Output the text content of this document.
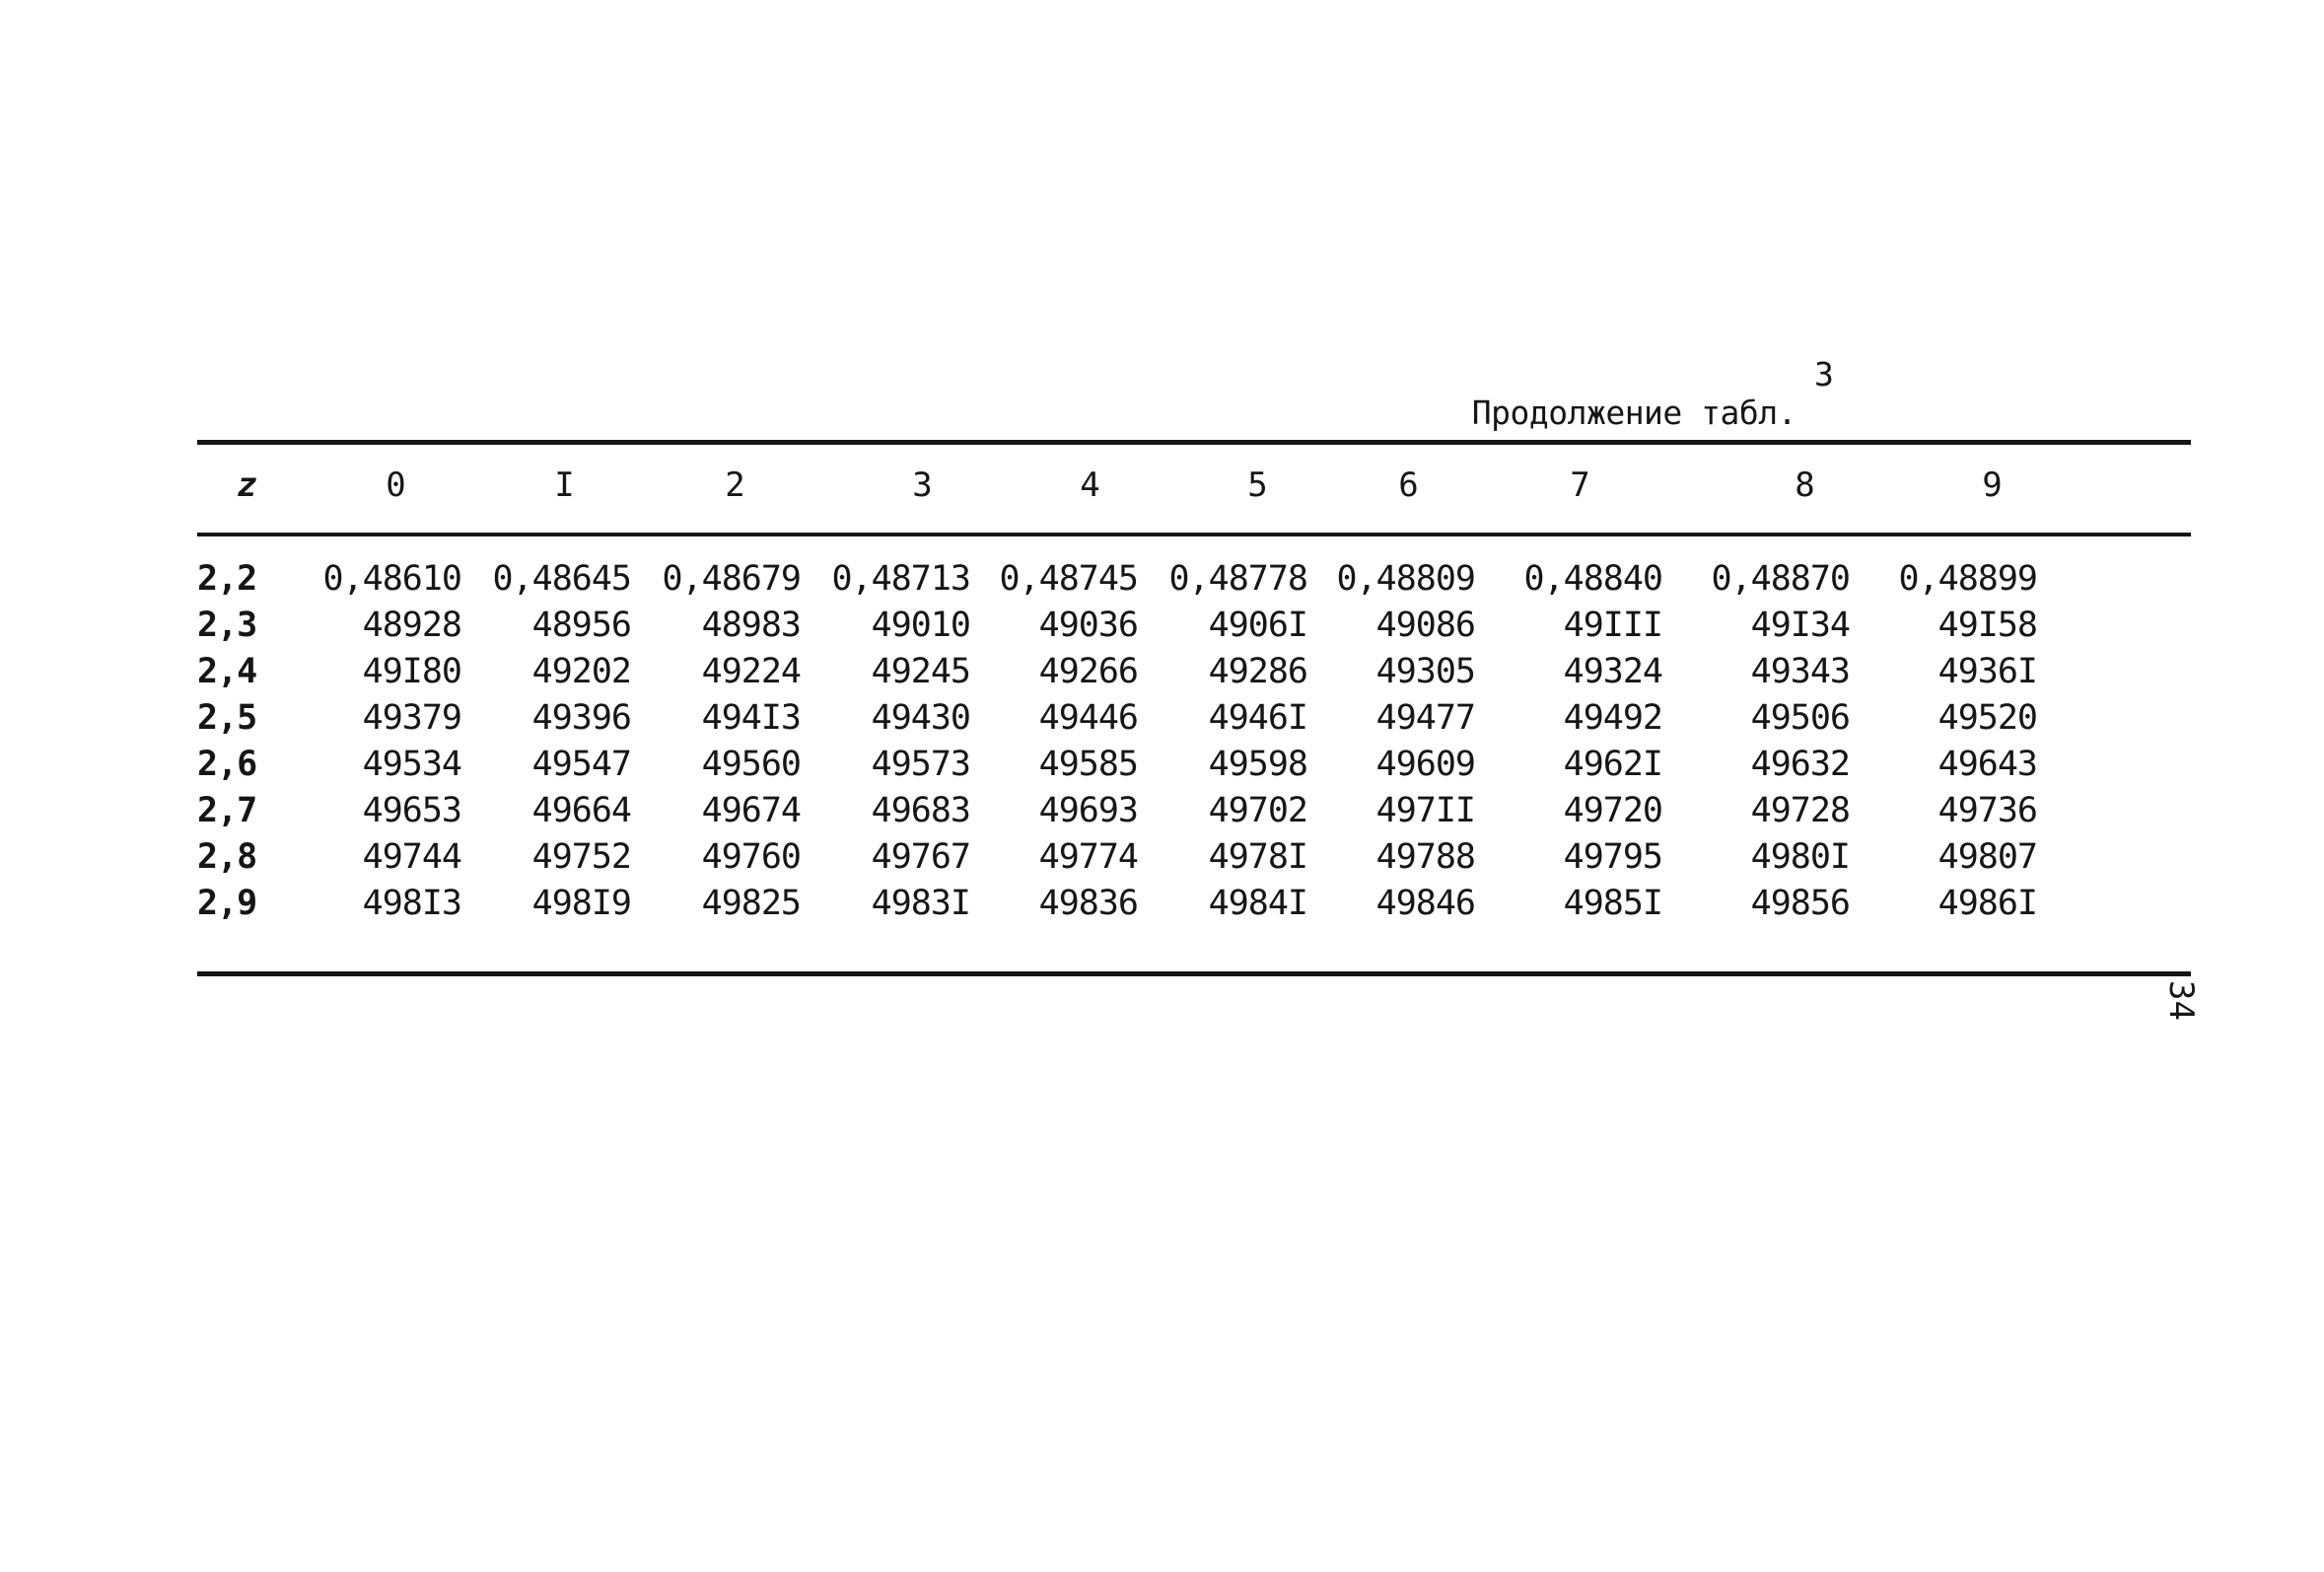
Продолжение табл.

3

z	0	I	2	3	4	5	6	7	8	9
2,2 0,48610 0,48645 0,48679 0,48713 0,48745 0,48778 0,48809 0,48840 0,48870 0,48899
2,3	48928 48956 48983 49010 49036 4906I 49086	49III	49I34	49I58
2,4	49I80 49202 49224 49245 49266 49286 49305	49324	49343	4936I
2,5	49379 49396 494I3 49430 49446 4946I 49477	49492	49506	49520
2,6	49534 49547 49560 49573 49585 49598 49609	4962I	49632	49643
2,7	49653 49664 49674 49683 49693 49702 497II	49720	49728	49736
2,8	49744 49752 49760 49767 49774 4978I 49788	49795	4980I	49807
2,9	498I3 498I9 49825 4983I 49836 4984I 49846	4985I	49856	4986I
34
